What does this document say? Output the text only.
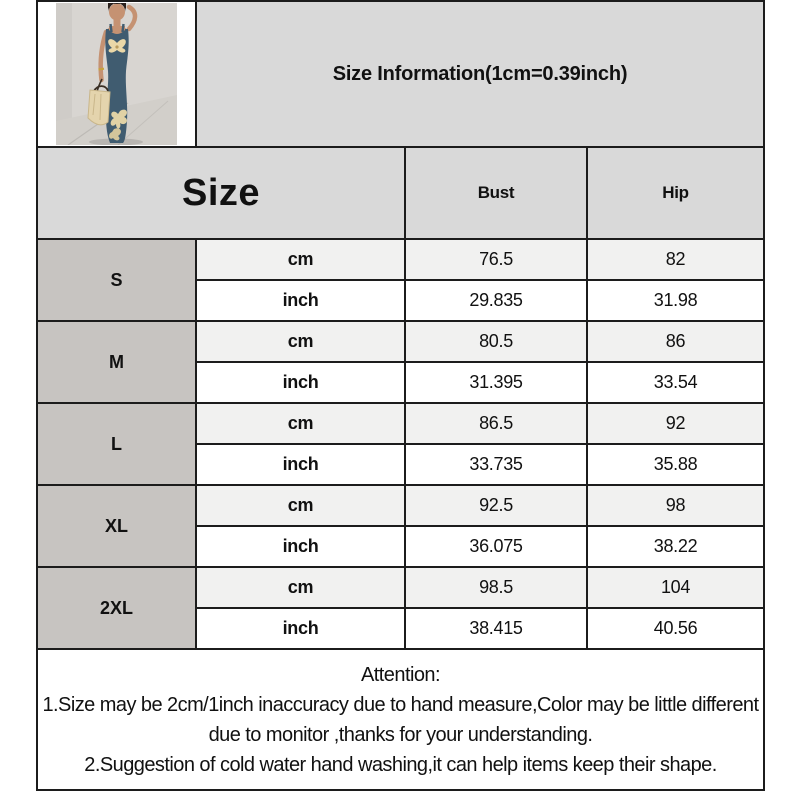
	Size Information(1cm=0.39inch)		
Size		Bust	Hip
S	cm	76.5	82
	inch	29.835	31.98
M	cm	80.5	86
	inch	31.395	33.54
L	cm	86.5	92
	inch	33.735	35.88
XL	cm	92.5	98
	inch	36.075	38.22
2XL	cm	98.5	104
	inch	38.415	40.56

Attention:
1.Size may be 2cm/1inch inaccuracy due to hand measure,Color may be little different due to monitor ,thanks for your understanding.
2.Suggestion of cold water hand washing,it can help items keep their shape.			
